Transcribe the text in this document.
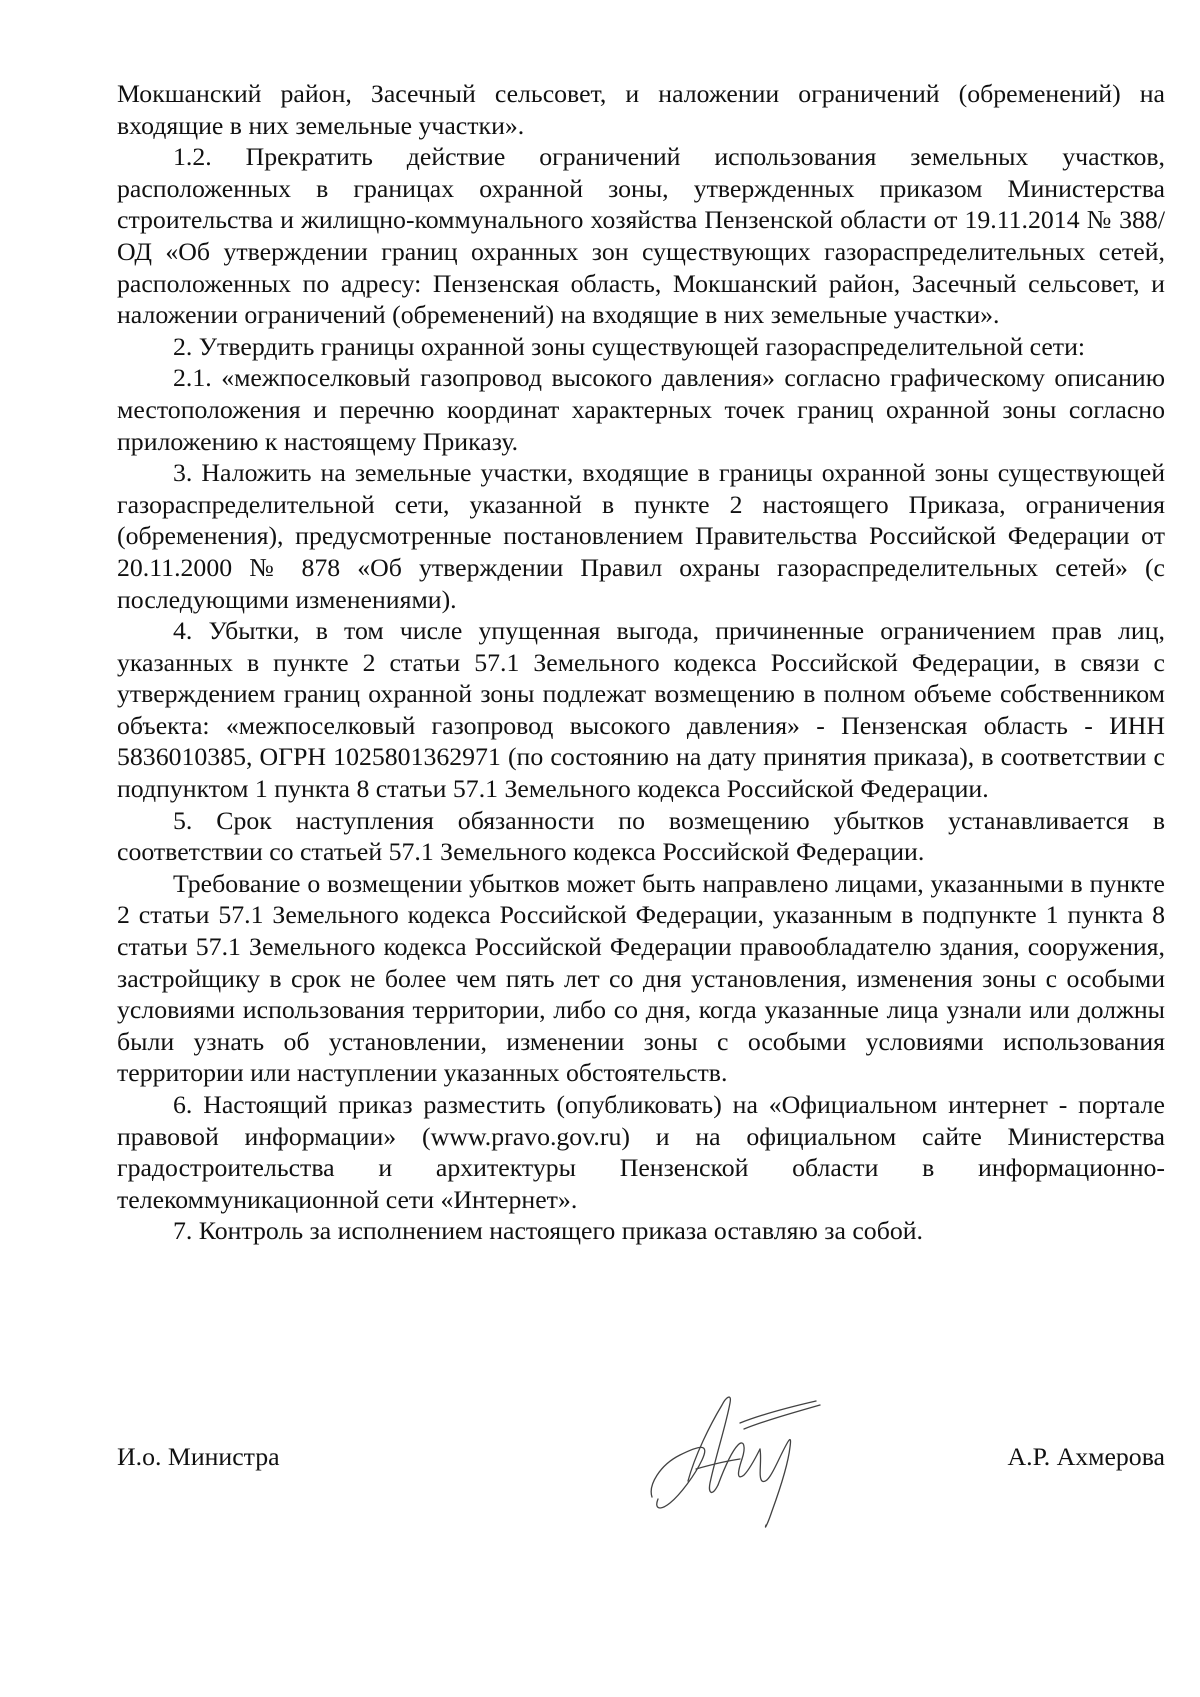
Мокшанский район, Засечный сельсовет, и наложении ограничений (обременений) на входящие в них земельные участки».

1.2. Прекратить действие ограничений использования земельных участков, расположенных в границах охранной зоны, утвержденных приказом Министерства строительства и жилищно-коммунального хозяйства Пензенской области от 19.11.2014 № 388/ОД «Об утверждении границ охранных зон существующих газораспределительных сетей, расположенных по адресу: Пензенская область, Мокшанский район, Засечный сельсовет, и наложении ограничений (обременений) на входящие в них земельные участки».

2. Утвердить границы охранной зоны существующей газораспределительной сети:

2.1. «межпоселковый газопровод высокого давления» согласно графическому описанию местоположения и перечню координат характерных точек границ охранной зоны согласно приложению к настоящему Приказу.

3. Наложить на земельные участки, входящие в границы охранной зоны существующей газораспределительной сети, указанной в пункте 2 настоящего Приказа, ограничения (обременения), предусмотренные постановлением Правительства Российской Федерации от 20.11.2000 № 878 «Об утверждении Правил охраны газораспределительных сетей» (с последующими изменениями).

4. Убытки, в том числе упущенная выгода, причиненные ограничением прав лиц, указанных в пункте 2 статьи 57.1 Земельного кодекса Российской Федерации, в связи с утверждением границ охранной зоны подлежат возмещению в полном объеме собственником объекта: «межпоселковый газопровод высокого давления» - Пензенская область - ИНН 5836010385, ОГРН 1025801362971 (по состоянию на дату принятия приказа), в соответствии с подпунктом 1 пункта 8 статьи 57.1 Земельного кодекса Российской Федерации.

5. Срок наступления обязанности по возмещению убытков устанавливается в соответствии со статьей 57.1 Земельного кодекса Российской Федерации.

Требование о возмещении убытков может быть направлено лицами, указанными в пункте 2 статьи 57.1 Земельного кодекса Российской Федерации, указанным в подпункте 1 пункта 8 статьи 57.1 Земельного кодекса Российской Федерации правообладателю здания, сооружения, застройщику в срок не более чем пять лет со дня установления, изменения зоны с особыми условиями использования территории, либо со дня, когда указанные лица узнали или должны были узнать об установлении, изменении зоны с особыми условиями использования территории или наступлении указанных обстоятельств.

6. Настоящий приказ разместить (опубликовать) на «Официальном интернет - портале правовой информации» (www.pravo.gov.ru) и на официальном сайте Министерства градостроительства и архитектуры Пензенской области в информационно-телекоммуникационной сети «Интернет».

7. Контроль за исполнением настоящего приказа оставляю за собой.

И.о. Министра	А.Р. Ахмерова
